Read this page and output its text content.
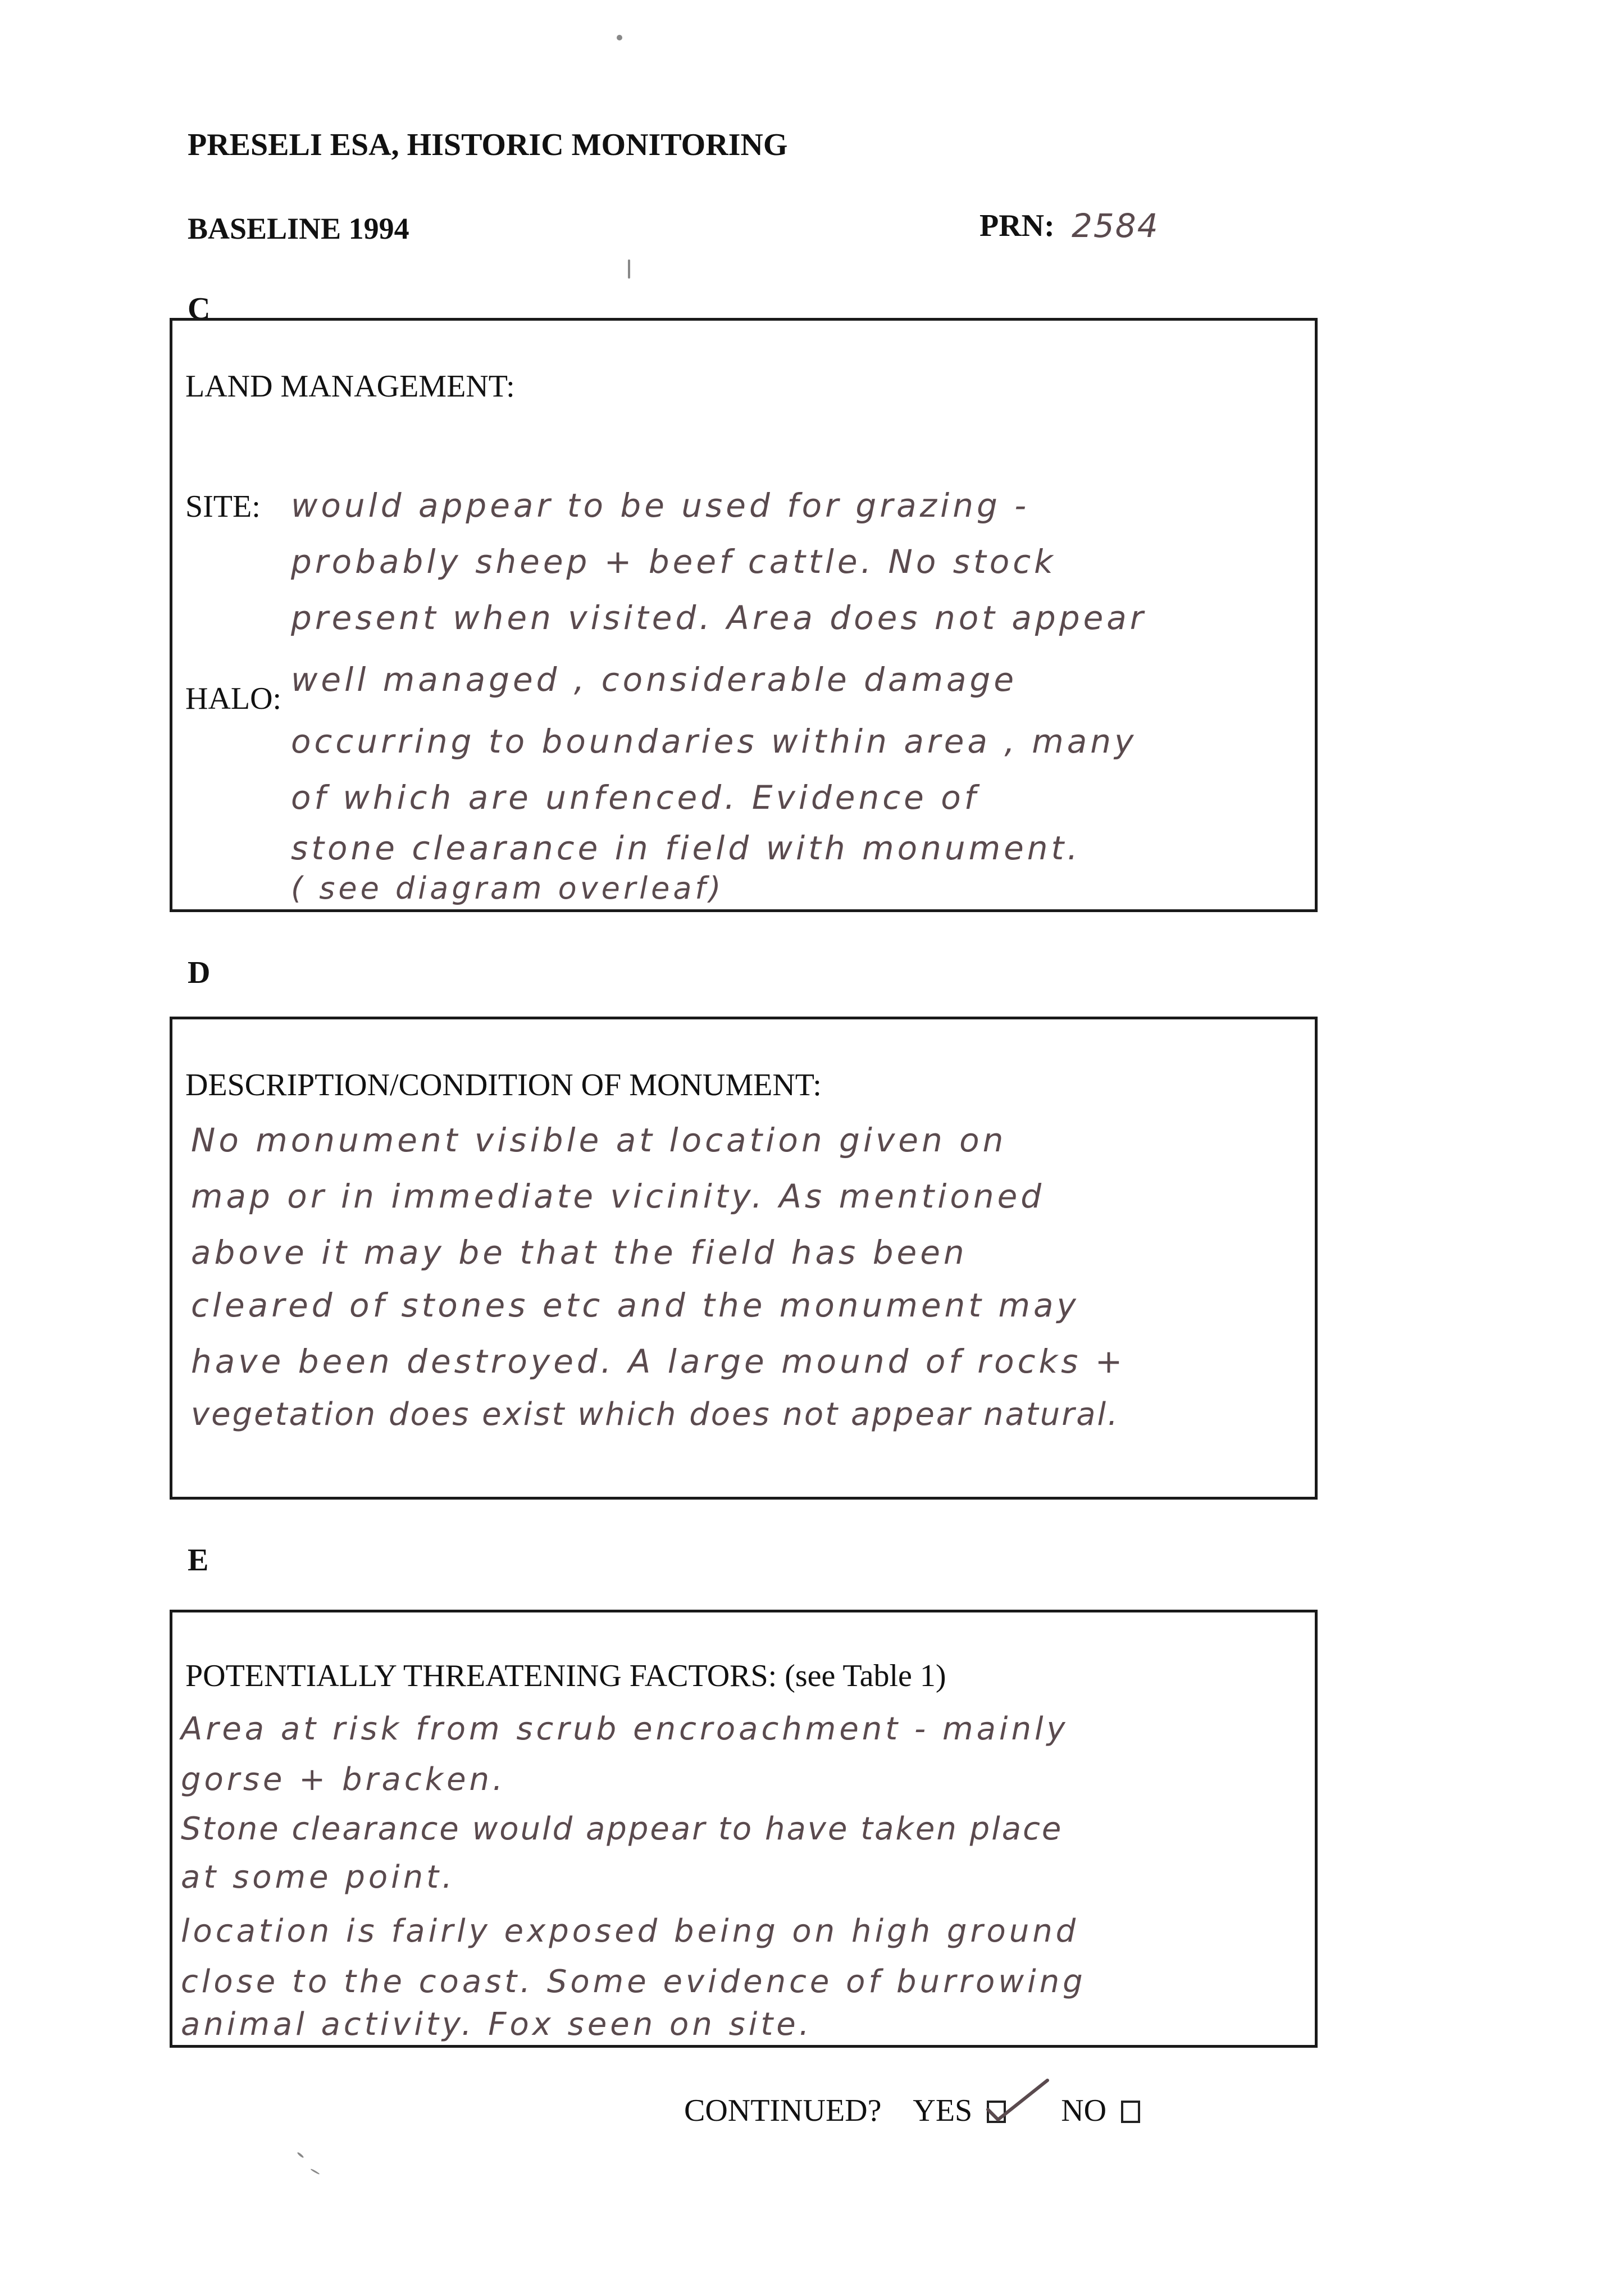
PRESELI ESA, HISTORIC MONITORING
BASELINE 1994	PRN: 2584
C
LAND MANAGEMENT:
SITE: would appear to be used for grazing -
probably sheep + beef cattle. No stock
present when visited. Area does not appear
HALO: well managed , considerable damage
occurring to boundaries within area , many
of which are unfenced. Evidence of
stone clearance in field with monument.
( see diagram overleaf)
D
DESCRIPTION/CONDITION OF MONUMENT:
No monument visible at location given on
map or in immediate vicinity. As mentioned
above it may be that the field has been
cleared of stones etc and the monument may
have been destroyed. A large mound of rocks +
vegetation does exist which does not appear natural.
E
POTENTIALLY THREATENING FACTORS: (see Table 1)
Area at risk from scrub encroachment - mainly
gorse + bracken.
Stone clearance would appear to have taken place
at some point.
location is fairly exposed being on high ground
close to the coast. Some evidence of burrowing
animal activity. Fox seen on site.
CONTINUED? YES	NO
